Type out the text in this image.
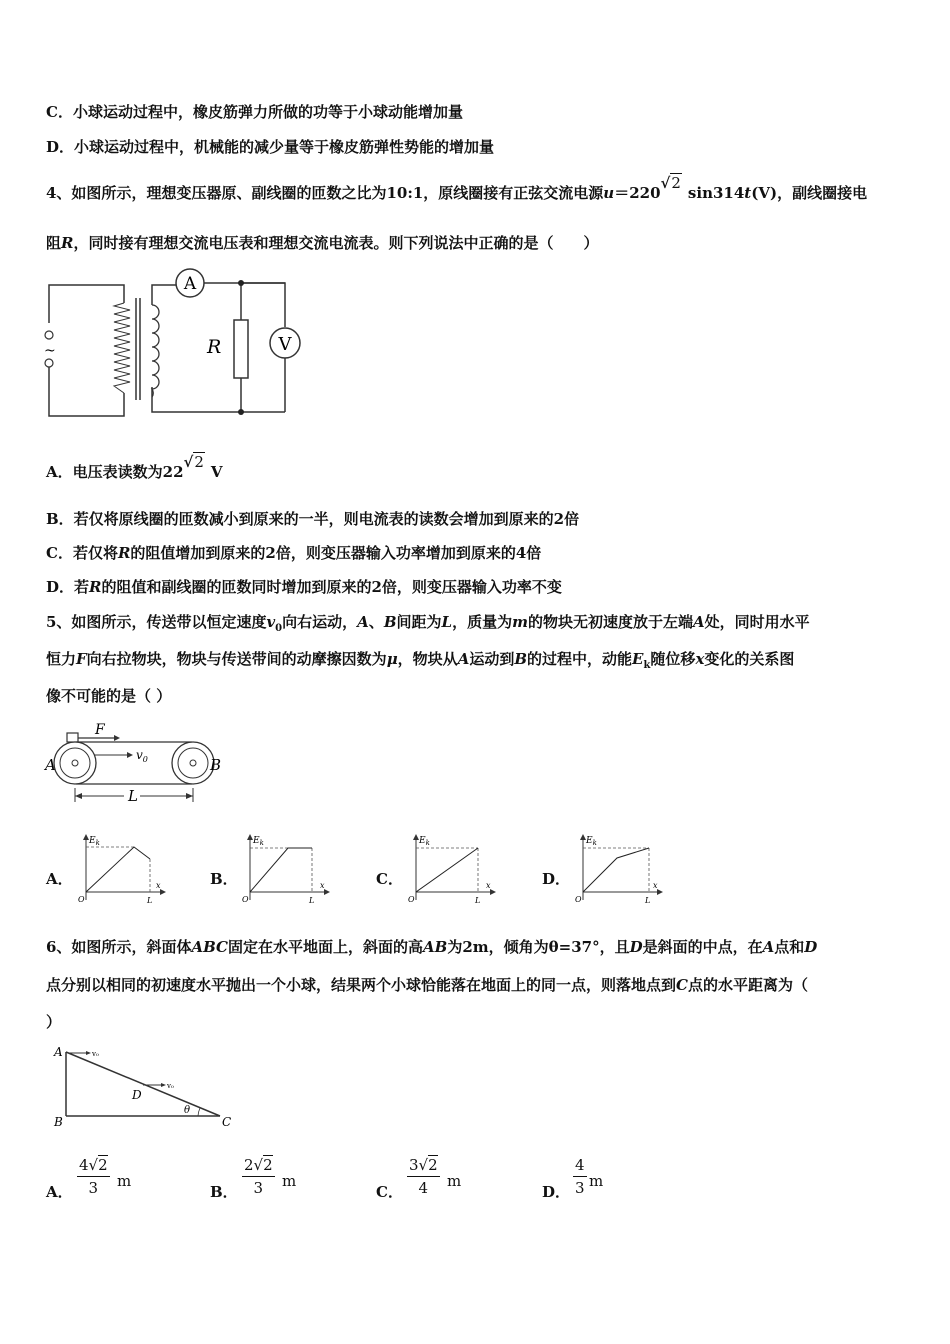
C．小球运动过程中，橡皮筋弹力所做的功等于小球动能增加量
D．小球运动过程中，机械能的减少量等于橡皮筋弹性势能的增加量
4、如图所示，理想变压器原、副线圈的匝数之比为10:1，原线圈接有正弦交流电源u＝220√2sin314t(V)，副线圈接电
阻R，同时接有理想交流电压表和理想交流电流表。则下列说法中正确的是（　　）
~
A
R	V
A．电压表读数为22√2V
B．若仅将原线圈的匝数减小到原来的一半，则电流表的读数会增加到原来的2倍
C．若仅将R的阻值增加到原来的2倍，则变压器输入功率增加到原来的4倍
D．若R的阻值和副线圈的匝数同时增加到原来的2倍，则变压器输入功率不变
5、如图所示，传送带以恒定速度$v_0$向右运动，A、B间距为L，质量为m的物块无初速度放于左端A处，同时用水平
恒力F向右拉物块，物块与传送带间的动摩擦因数为μ，物块从A运动到B的过程中，动能$E_k$随位移x变化的关系图
像不可能的是（ ）
F
$v_0$
A	B
L
A．	B．	C．	D．
$E_k$
x
O	L
$E_k$
x
O	L
$E_k$
x
O	L
$E_k$
x
O	L
6、如图所示，斜面体ABC固定在水平地面上，斜面的高AB为2m，倾角为θ=37°，且D是斜面的中点，在A点和D
点分别以相同的初速度水平抛出一个小球，结果两个小球恰能落在地面上的同一点，则落地点到C点的水平距离为（
）
A
B	C
D
θ
v₀
v₀
A． $\frac{4√2}{3}$ m
B． $\frac{2√2}{3}$ m
C． $\frac{3√2}{4}$ m
D． $\frac{4}{3}$ m
